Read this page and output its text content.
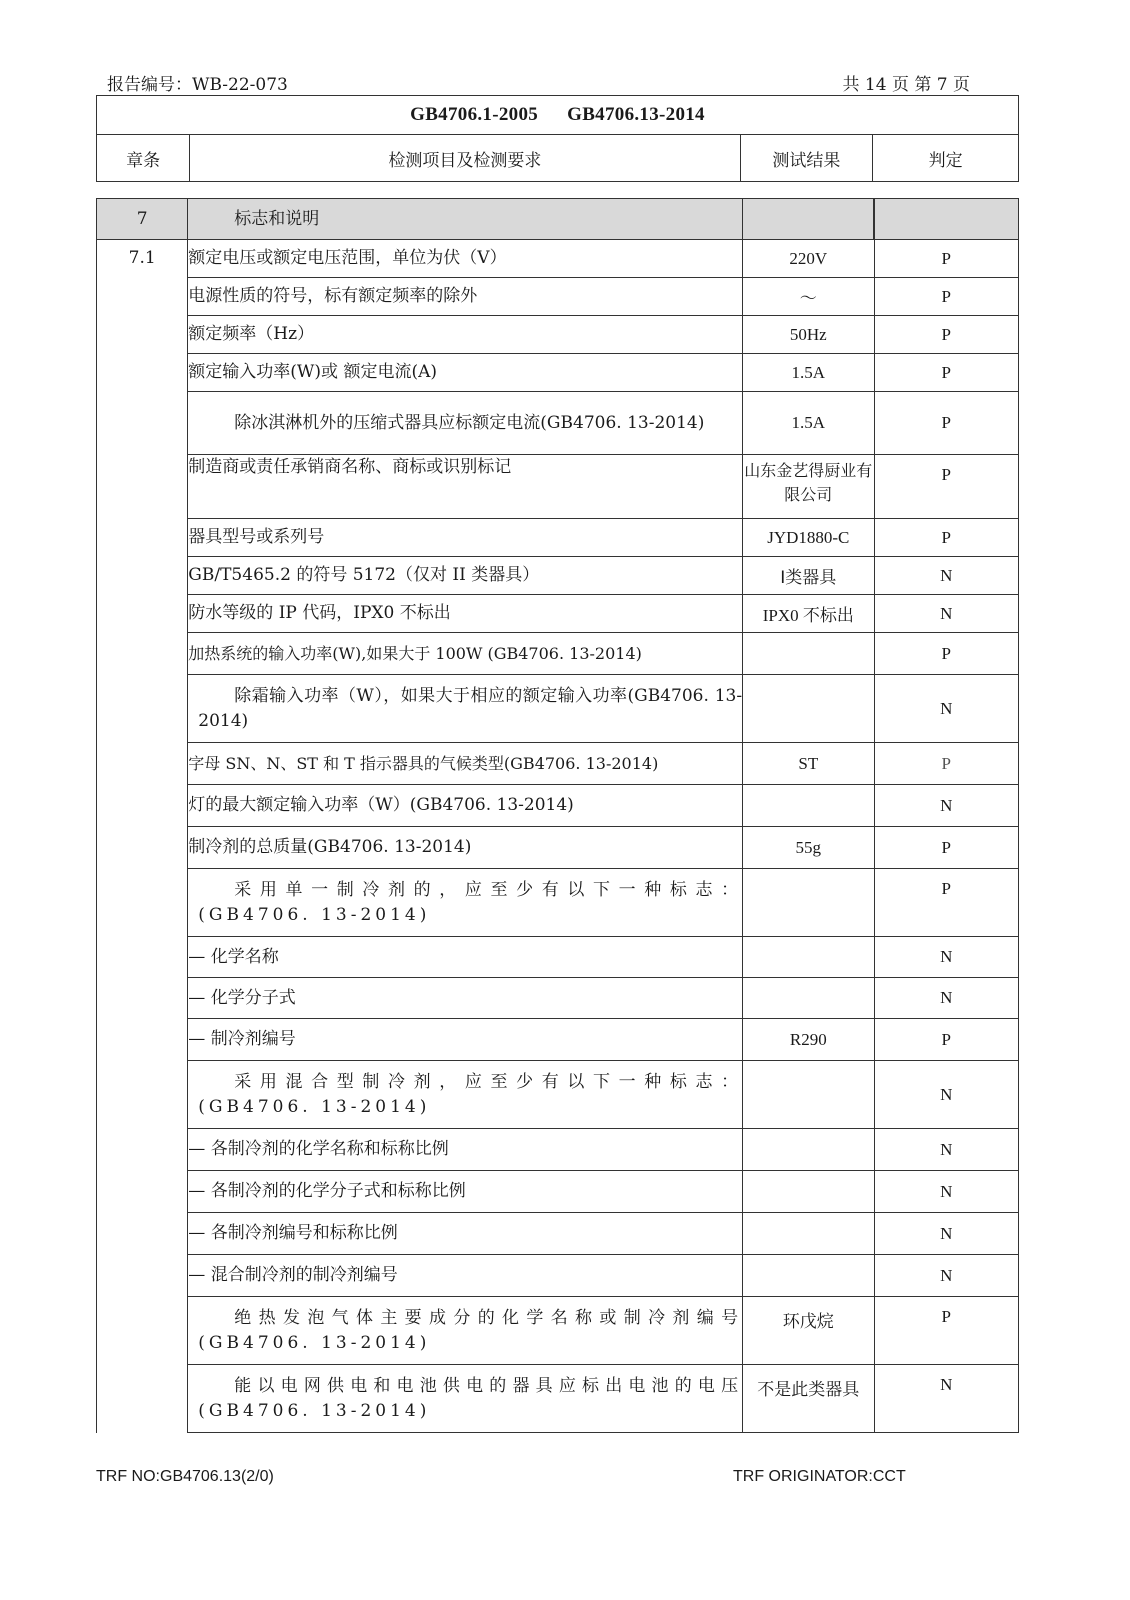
报告编号：WB-22-073	共 14 页 第 7 页
GB4706.1-2005 GB4706.13-2014
章条	检测项目及检测要求	测试结果	判定
7	标志和说明		
7.1	额定电压或额定电压范围，单位为伏（V）	220V	P
	电源性质的符号，标有额定频率的除外	～	P
	额定频率（Hz）	50Hz	P
	额定输入功率(W)或 额定电流(A)	1.5A	P
	除冰淇淋机外的压缩式器具应标额定电流(GB4706. 13-2014)	1.5A	P
	制造商或责任承销商名称、商标或识别标记	山东金艺得厨业有限公司	P
	器具型号或系列号	JYD1880-C	P
	GB/T5465.2 的符号 5172（仅对 II 类器具）	Ⅰ类器具	N
	防水等级的 IP 代码，IPX0 不标出	IPX0 不标出	N
	加热系统的输入功率(W),如果大于 100W (GB4706. 13-2014)		P
	除霜输入功率（W），如果大于相应的额定输入功率(GB4706. 13-2014)		N
	字母 SN、N、ST 和 T 指示器具的气候类型(GB4706. 13-2014)	ST	P
	灯的最大额定输入功率（W）(GB4706. 13-2014)		N
	制冷剂的总质量(GB4706. 13-2014)	55g	P
	采用单一制冷剂的，应至少有以下一种标志：(GB4706. 13-2014)		P
	— 化学名称		N
	— 化学分子式		N
	— 制冷剂编号	R290	P
	采用混合型制冷剂，应至少有以下一种标志：(GB4706. 13-2014)		N
	— 各制冷剂的化学名称和标称比例		N
	— 各制冷剂的化学分子式和标称比例		N
	— 各制冷剂编号和标称比例		N
	— 混合制冷剂的制冷剂编号		N
	绝热发泡气体主要成分的化学名称或制冷剂编号(GB4706. 13-2014)	环戊烷	P
	能以电网供电和电池供电的器具应标出电池的电压(GB4706. 13-2014)	不是此类器具	N
TRF NO:GB4706.13(2/0)	TRF ORIGINATOR:CCT
